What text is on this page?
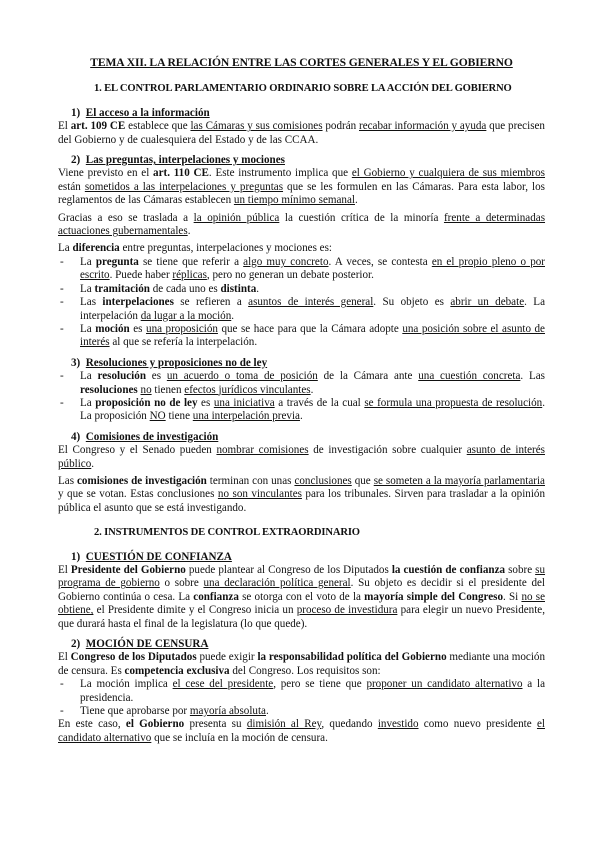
TEMA XII. LA RELACIÓN ENTRE LAS CORTES GENERALES Y EL GOBIERNO
1. EL CONTROL PARLAMENTARIO ORDINARIO SOBRE LA ACCIÓN DEL GOBIERNO
1) El acceso a la información

El art. 109 CE establece que las Cámaras y sus comisiones podrán recabar información y ayuda que precisen del Gobierno y de cualesquiera del Estado y de las CCAA.

2) Las preguntas, interpelaciones y mociones

Viene previsto en el art. 110 CE. Este instrumento implica que el Gobierno y cualquiera de sus miembros están sometidos a las interpelaciones y preguntas que se les formulen en las Cámaras. Para esta labor, los reglamentos de las Cámaras establecen un tiempo mínimo semanal.

Gracias a eso se traslada a la opinión pública la cuestión crítica de la minoría frente a determinadas actuaciones gubernamentales.

La diferencia entre preguntas, interpelaciones y mociones es:

- La pregunta se tiene que referir a algo muy concreto. A veces, se contesta en el propio pleno o por escrito. Puede haber réplicas, pero no generan un debate posterior.
- La tramitación de cada uno es distinta.
- Las interpelaciones se refieren a asuntos de interés general. Su objeto es abrir un debate. La interpelación da lugar a la moción.
- La moción es una proposición que se hace para que la Cámara adopte una posición sobre el asunto de interés al que se refería la interpelación.
3) Resoluciones y proposiciones no de ley
- La resolución es un acuerdo o toma de posición de la Cámara ante una cuestión concreta. Las resoluciones no tienen efectos jurídicos vinculantes.
- La proposición no de ley es una iniciativa a través de la cual se formula una propuesta de resolución. La proposición NO tiene una interpelación previa.
4) Comisiones de investigación

El Congreso y el Senado pueden nombrar comisiones de investigación sobre cualquier asunto de interés público.

Las comisiones de investigación terminan con unas conclusiones que se someten a la mayoría parlamentaria y que se votan. Estas conclusiones no son vinculantes para los tribunales. Sirven para trasladar a la opinión pública el asunto que se está investigando.

2. INSTRUMENTOS DE CONTROL EXTRAORDINARIO
1) CUESTIÓN DE CONFIANZA

El Presidente del Gobierno puede plantear al Congreso de los Diputados la cuestión de confianza sobre su programa de gobierno o sobre una declaración política general. Su objeto es decidir si el presidente del Gobierno continúa o cesa. La confianza se otorga con el voto de la mayoría simple del Congreso. Si no se obtiene, el Presidente dimite y el Congreso inicia un proceso de investidura para elegir un nuevo Presidente, que durará hasta el final de la legislatura (lo que quede).

2) MOCIÓN DE CENSURA

El Congreso de los Diputados puede exigir la responsabilidad política del Gobierno mediante una moción de censura. Es competencia exclusiva del Congreso. Los requisitos son:

- La moción implica el cese del presidente, pero se tiene que proponer un candidato alternativo a la presidencia.
- Tiene que aprobarse por mayoría absoluta.

En este caso, el Gobierno presenta su dimisión al Rey, quedando investido como nuevo presidente el candidato alternativo que se incluía en la moción de censura.
